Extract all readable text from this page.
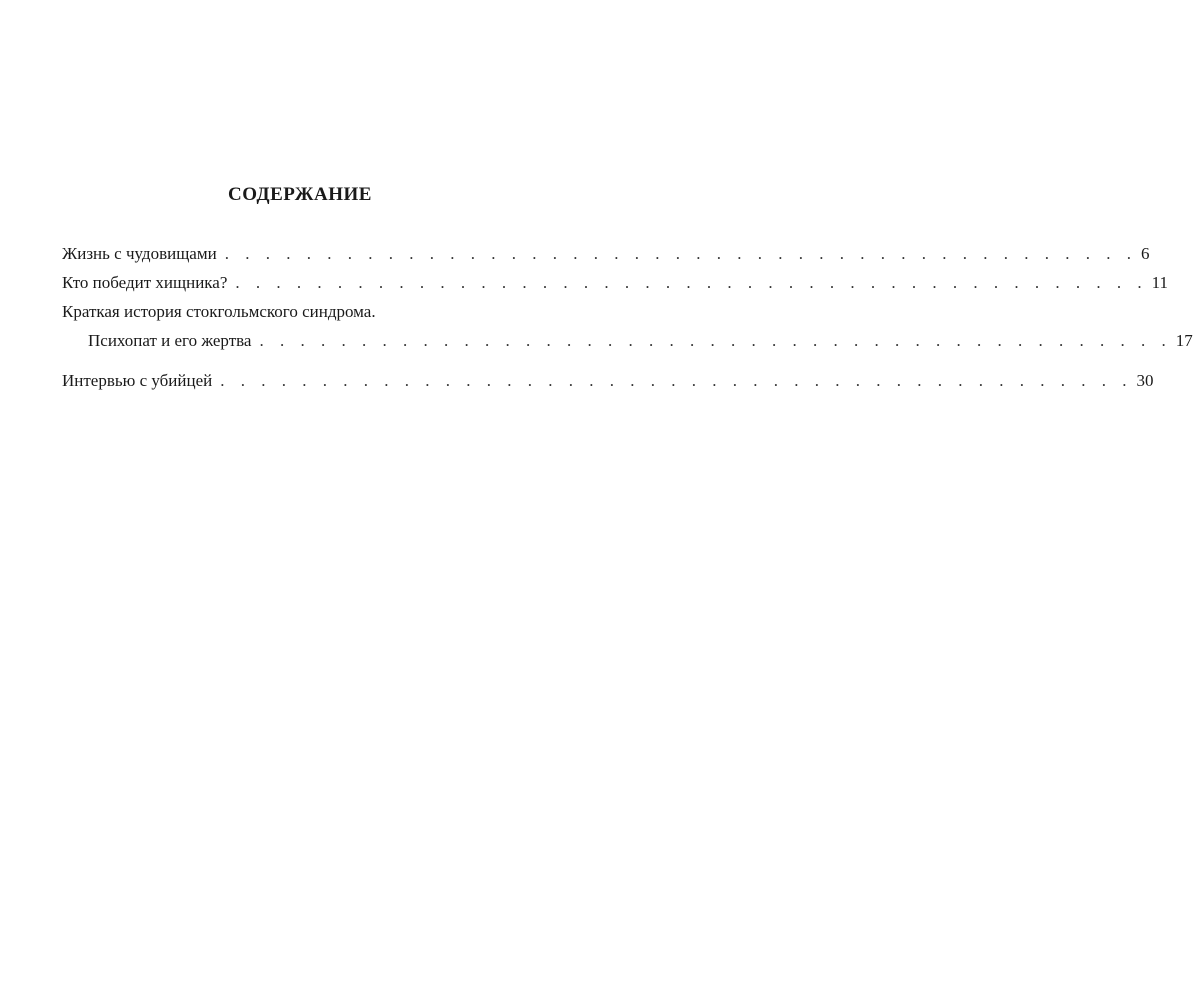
СОДЕРЖАНИЕ
Жизнь с чудовищами . . . . . . . . . . . . . . . . . . . . . . . . . . . . . . . . . . . . . . . . . . . . . 6
Кто победит хищника? . . . . . . . . . . . . . . . . . . . . . . . . . . . . . . . . . . . . . . . . . . . . . 11
Краткая история стокгольмского синдрома.
Психопат и его жертва . . . . . . . . . . . . . . . . . . . . . . . . . . . . . . . . . . . . . . . . . . . . . 17
Интервью с убийцей . . . . . . . . . . . . . . . . . . . . . . . . . . . . . . . . . . . . . . . . . . . . . 30
